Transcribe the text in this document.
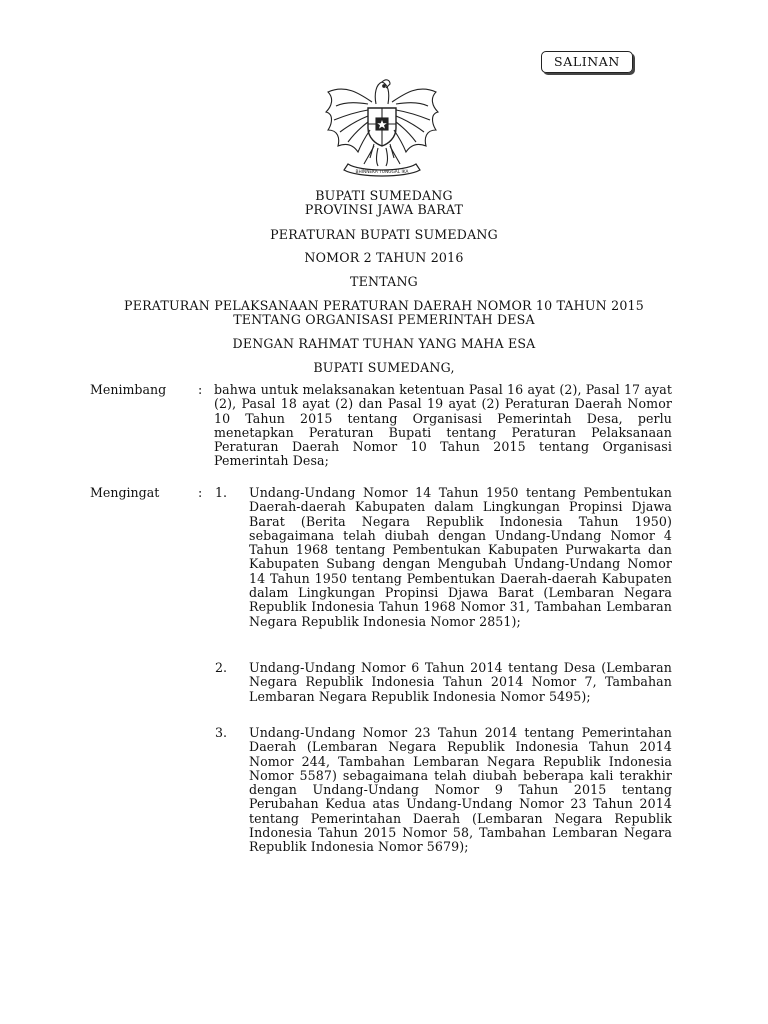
SALINAN
BHINNEKA TUNGGAL IKA
BUPATI SUMEDANG
PROVINSI JAWA BARAT
PERATURAN BUPATI SUMEDANG
NOMOR 2 TAHUN 2016
TENTANG
PERATURAN PELAKSANAAN PERATURAN DAERAH NOMOR 10 TAHUN 2015
TENTANG ORGANISASI PEMERINTAH DESA
DENGAN RAHMAT TUHAN YANG MAHA ESA
BUPATI SUMEDANG,
Menimbang	: bahwa untuk melaksanakan ketentuan Pasal 16 ayat (2), Pasal 17 ayat (2), Pasal 18 ayat (2) dan Pasal 19 ayat (2) Peraturan Daerah Nomor 10 Tahun 2015 tentang Organisasi Pemerintah Desa, perlu menetapkan Peraturan Bupati tentang Peraturan Pelaksanaan Peraturan Daerah Nomor 10 Tahun 2015 tentang Organisasi Pemerintah Desa;
Mengingat	: 1. Undang-Undang Nomor 14 Tahun 1950 tentang Pembentukan Daerah-daerah Kabupaten dalam Lingkungan Propinsi Djawa Barat (Berita Negara Republik Indonesia Tahun 1950) sebagaimana telah diubah dengan Undang-Undang Nomor 4 Tahun 1968 tentang Pembentukan Kabupaten Purwakarta dan Kabupaten Subang dengan Mengubah Undang-Undang Nomor 14 Tahun 1950 tentang Pembentukan Daerah-daerah Kabupaten dalam Lingkungan Propinsi Djawa Barat (Lembaran Negara Republik Indonesia Tahun 1968 Nomor 31, Tambahan Lembaran Negara Republik Indonesia Nomor 2851);
2. Undang-Undang Nomor 6 Tahun 2014 tentang Desa (Lembaran Negara Republik Indonesia Tahun 2014 Nomor 7, Tambahan Lembaran Negara Republik Indonesia Nomor 5495);
3. Undang-Undang Nomor 23 Tahun 2014 tentang Pemerintahan Daerah (Lembaran Negara Republik Indonesia Tahun 2014 Nomor 244, Tambahan Lembaran Negara Republik Indonesia Nomor 5587) sebagaimana telah diubah beberapa kali terakhir dengan Undang-Undang Nomor 9 Tahun 2015 tentang Perubahan Kedua atas Undang-Undang Nomor 23 Tahun 2014 tentang Pemerintahan Daerah (Lembaran Negara Republik Indonesia Tahun 2015 Nomor 58, Tambahan Lembaran Negara Republik Indonesia Nomor 5679);
